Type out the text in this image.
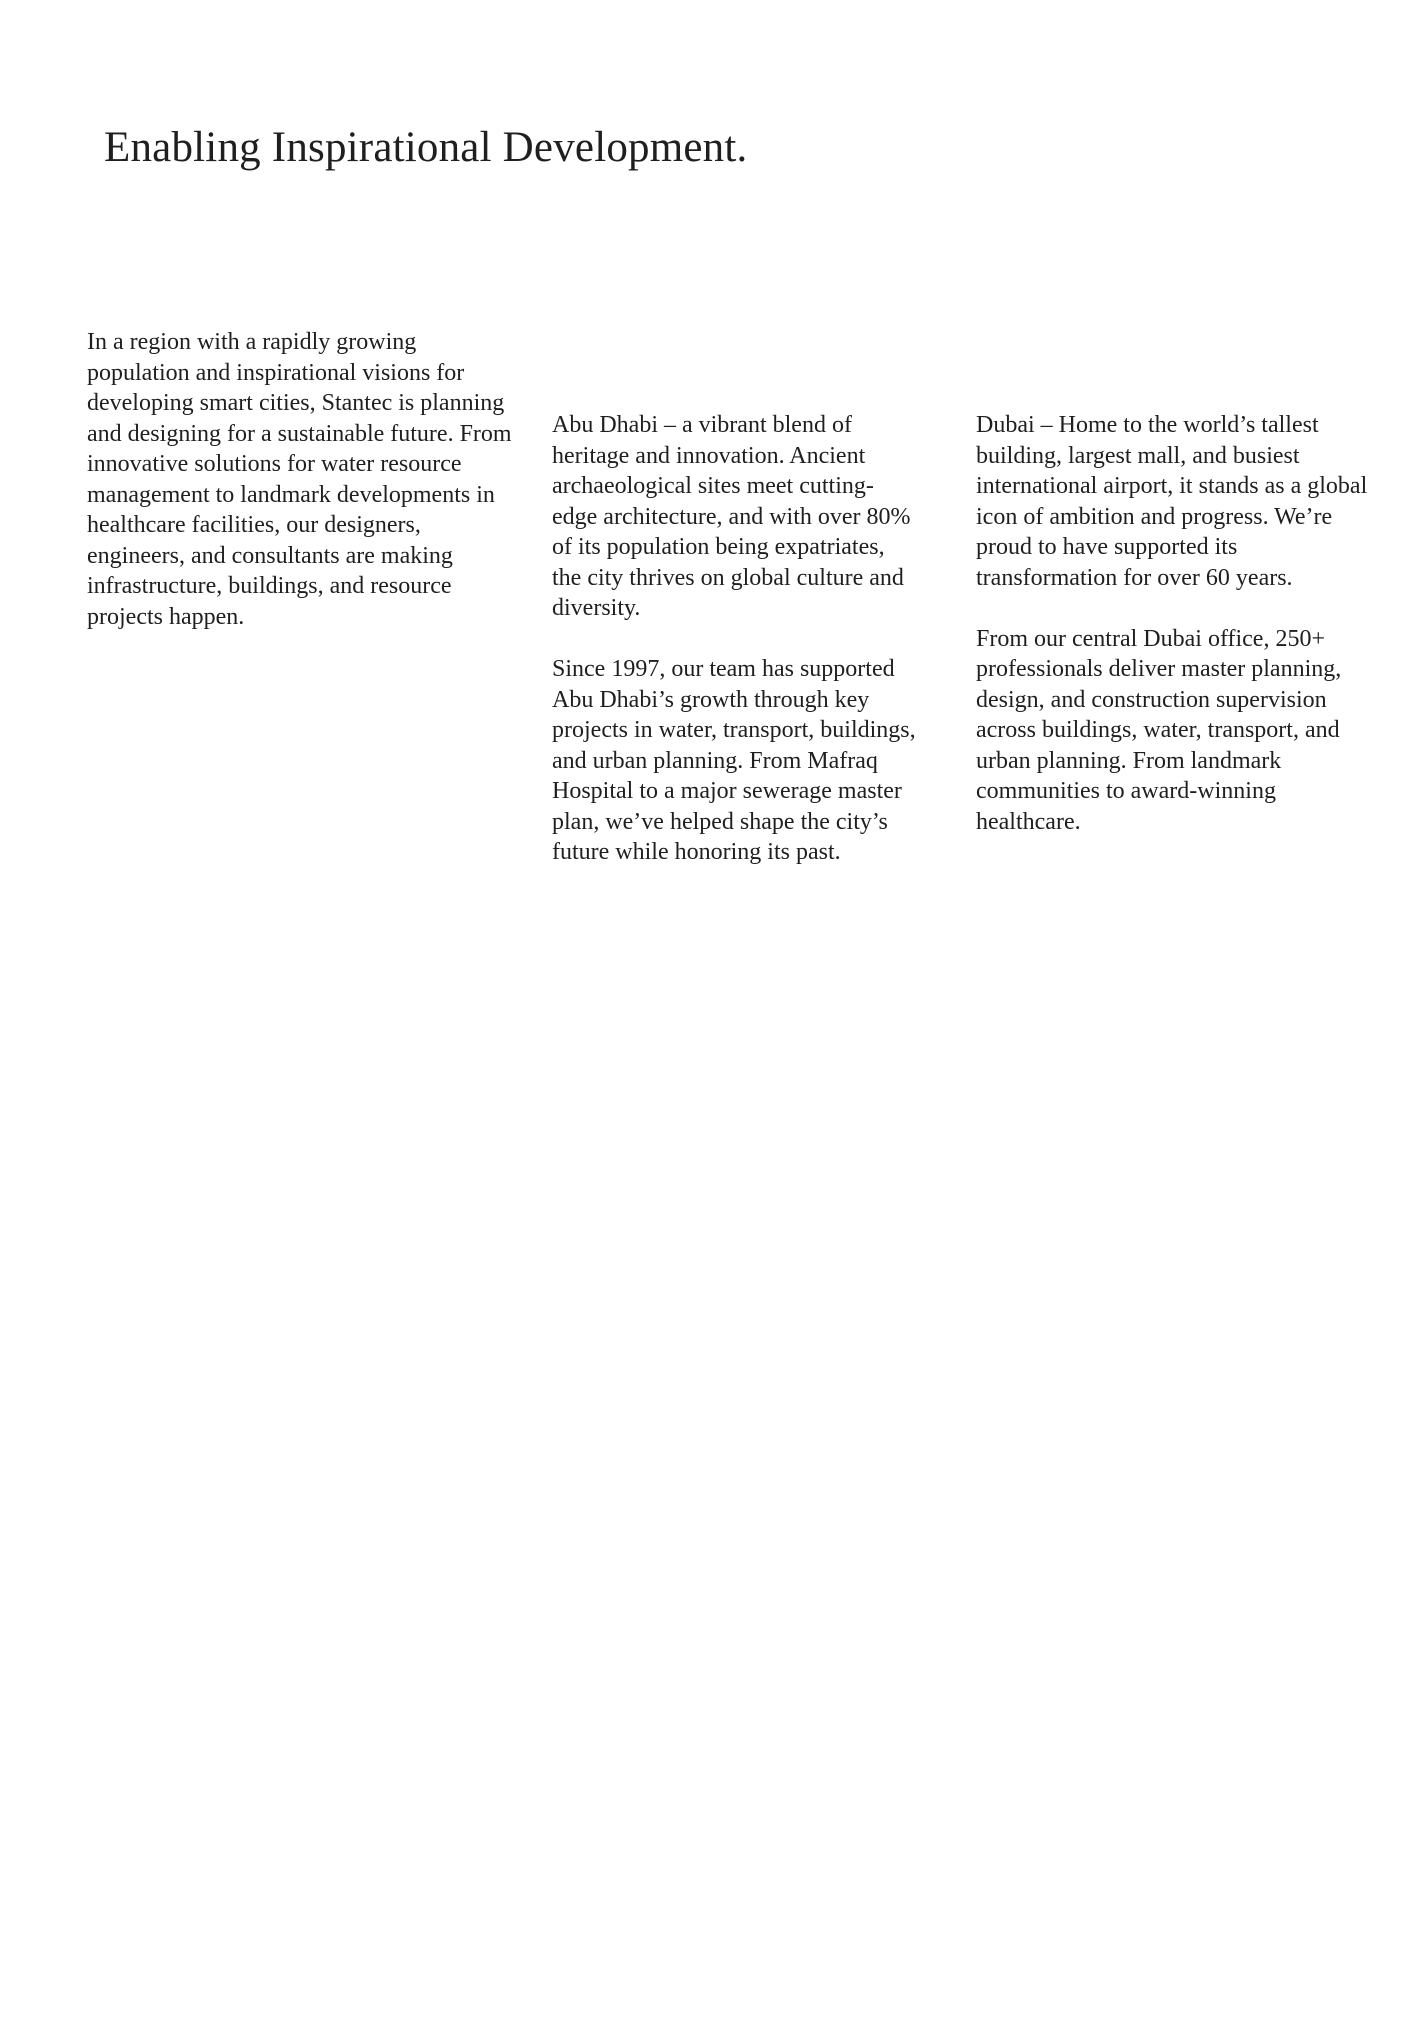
Enabling Inspirational Development.

In a region with a rapidly growing population and inspirational visions for developing smart cities, Stantec is planning and designing for a sustainable future. From innovative solutions for water resource management to landmark developments in healthcare facilities, our designers, engineers, and consultants are making infrastructure, buildings, and resource projects happen.

Abu Dhabi – a vibrant blend of heritage and innovation. Ancient archaeological sites meet cutting-edge architecture, and with over 80% of its population being expatriates, the city thrives on global culture and diversity.

Since 1997, our team has supported Abu Dhabi’s growth through key projects in water, transport, buildings, and urban planning. From Mafraq Hospital to a major sewerage master plan, we’ve helped shape the city’s future while honoring its past.

Dubai – Home to the world’s tallest building, largest mall, and busiest international airport, it stands as a global icon of ambition and progress. We’re proud to have supported its transformation for over 60 years.

From our central Dubai office, 250+ professionals deliver master planning, design, and construction supervision across buildings, water, transport, and urban planning. From landmark communities to award-winning healthcare.
